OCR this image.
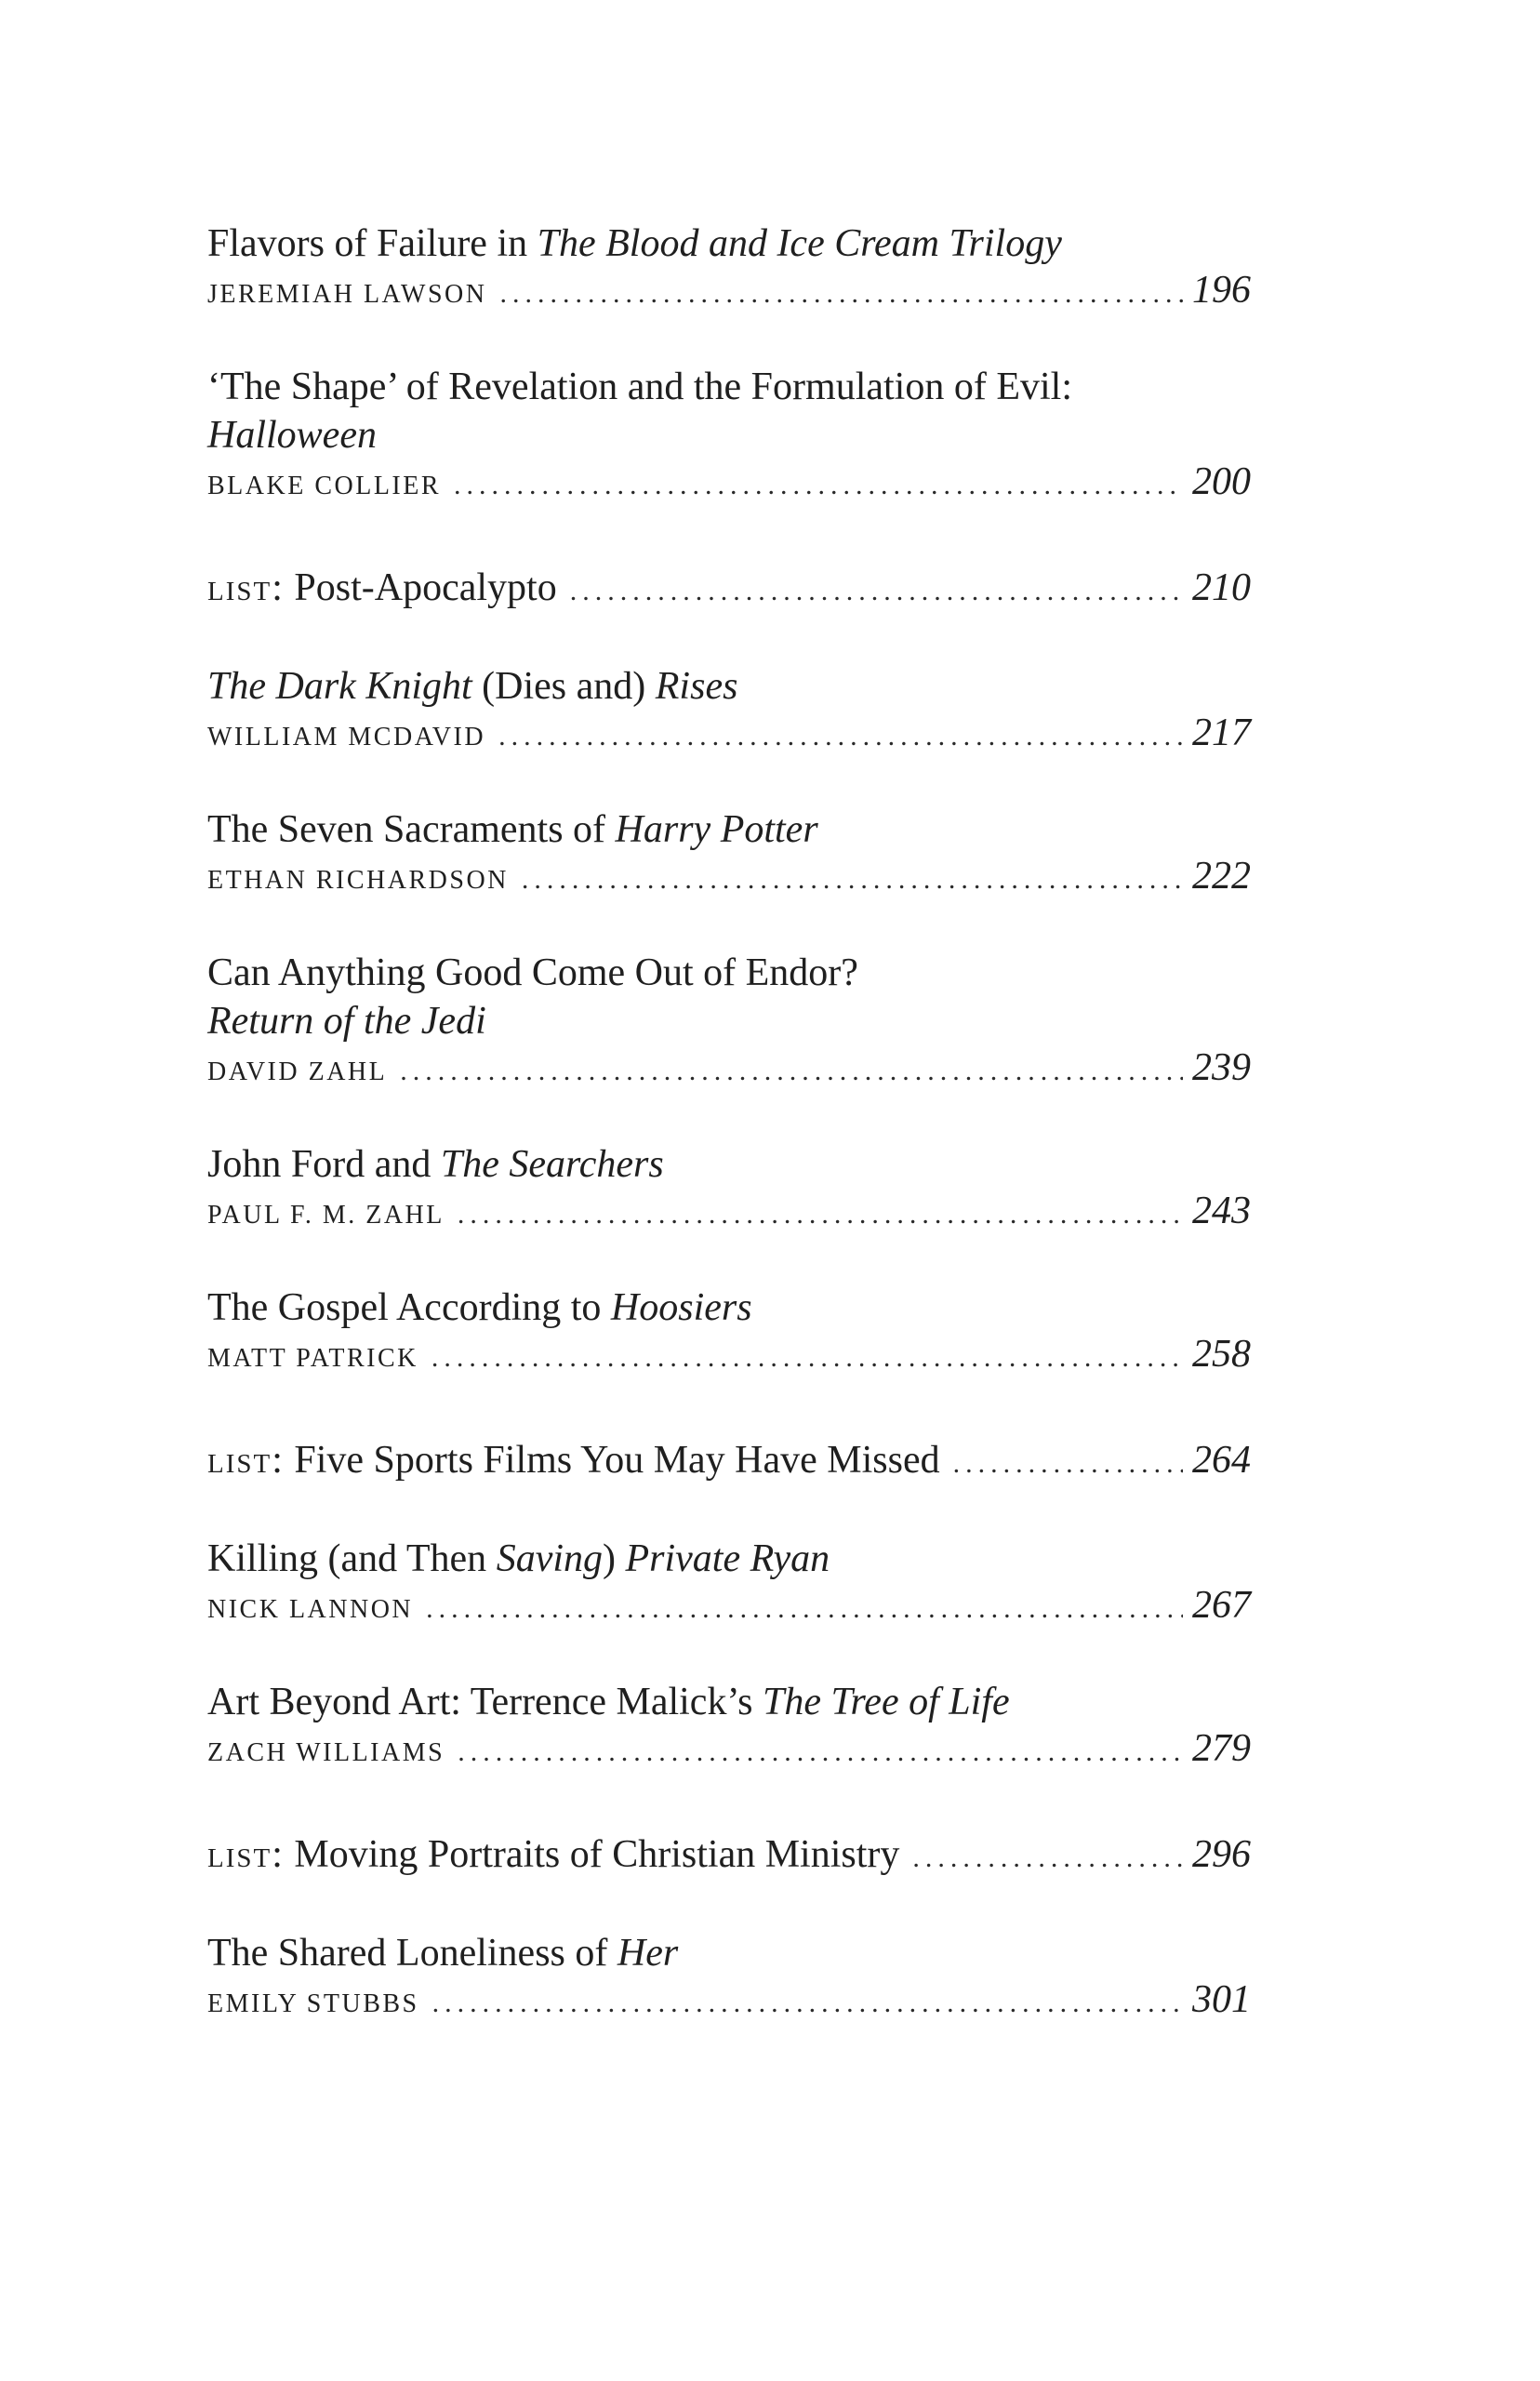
Flavors of Failure in The Blood and Ice Cream Trilogy
JEREMIAH LAWSON .....	196
‘The Shape’ of Revelation and the Formulation of Evil:
Halloween
BLAKE COLLIER .....	200
list: Post-Apocalypto .....	210
The Dark Knight (Dies and) Rises
WILLIAM MCDAVID .....	217
The Seven Sacraments of Harry Potter
ETHAN RICHARDSON .....	222
Can Anything Good Come Out of Endor?
Return of the Jedi
DAVID ZAHL .....	239
John Ford and The Searchers
PAUL F. M. ZAHL .....	243
The Gospel According to Hoosiers
MATT PATRICK .....	258
list: Five Sports Films You May Have Missed .....	264
Killing (and Then Saving) Private Ryan
NICK LANNON .....	267
Art Beyond Art: Terrence Malick’s The Tree of Life
ZACH WILLIAMS .....	279
list: Moving Portraits of Christian Ministry .....	296
The Shared Loneliness of Her
EMILY STUBBS .....	301
